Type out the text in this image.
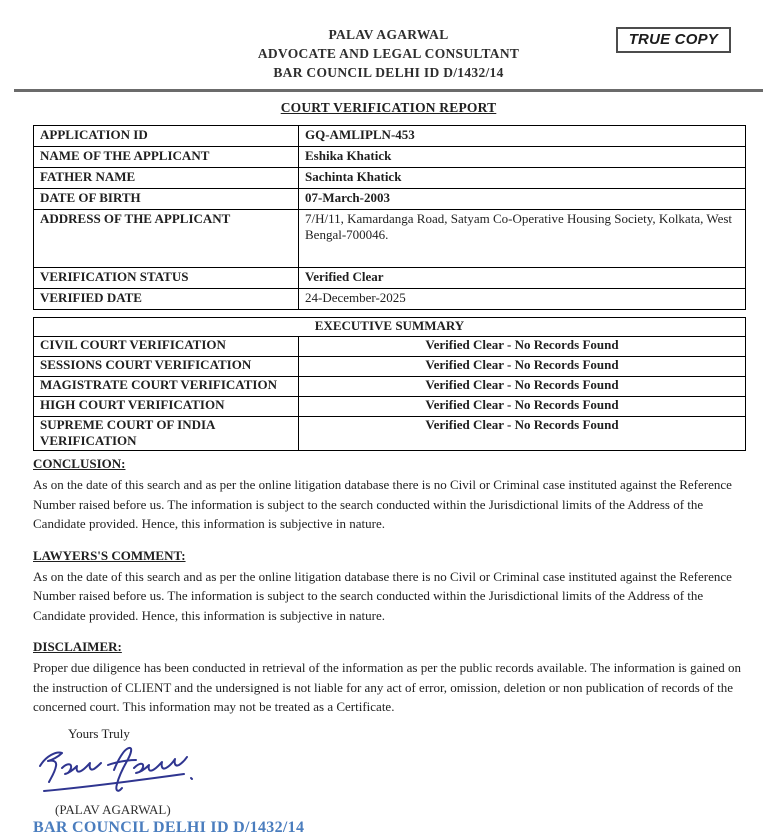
PALAV AGARWAL
ADVOCATE AND LEGAL CONSULTANT
BAR COUNCIL DELHI ID D/1432/14
TRUE COPY
COURT VERIFICATION REPORT
APPLICATION ID	GQ-AMLIPLN-453
NAME OF THE APPLICANT	Eshika Khatick
FATHER NAME	Sachinta Khatick
DATE OF BIRTH	07-March-2003
ADDRESS OF THE APPLICANT	7/H/11, Kamardanga Road, Satyam Co-Operative Housing Society, Kolkata, West Bengal-700046.
VERIFICATION STATUS	Verified Clear
VERIFIED DATE	24-December-2025
EXECUTIVE SUMMARY	
CIVIL COURT VERIFICATION	Verified Clear - No Records Found
SESSIONS COURT VERIFICATION	Verified Clear - No Records Found
MAGISTRATE COURT VERIFICATION	Verified Clear - No Records Found
HIGH COURT VERIFICATION	Verified Clear - No Records Found
SUPREME COURT OF INDIA VERIFICATION	Verified Clear - No Records Found
CONCLUSION:
As on the date of this search and as per the online litigation database there is no Civil or Criminal case instituted against the Reference Number raised before us. The information is subject to the search conducted within the Jurisdictional limits of the Address of the Candidate provided. Hence, this information is subjective in nature.
LAWYERS'S COMMENT:
As on the date of this search and as per the online litigation database there is no Civil or Criminal case instituted against the Reference Number raised before us. The information is subject to the search conducted within the Jurisdictional limits of the Address of the Candidate provided. Hence, this information is subjective in nature.
DISCLAIMER:
Proper due diligence has been conducted in retrieval of the information as per the public records available. The information is gained on the instruction of CLIENT and the undersigned is not liable for any act of error, omission, deletion or non publication of records of the concerned court. This information may not be treated as a Certificate.
Yours Truly
(PALAV AGARWAL)
BAR COUNCIL DELHI ID D/1432/14
